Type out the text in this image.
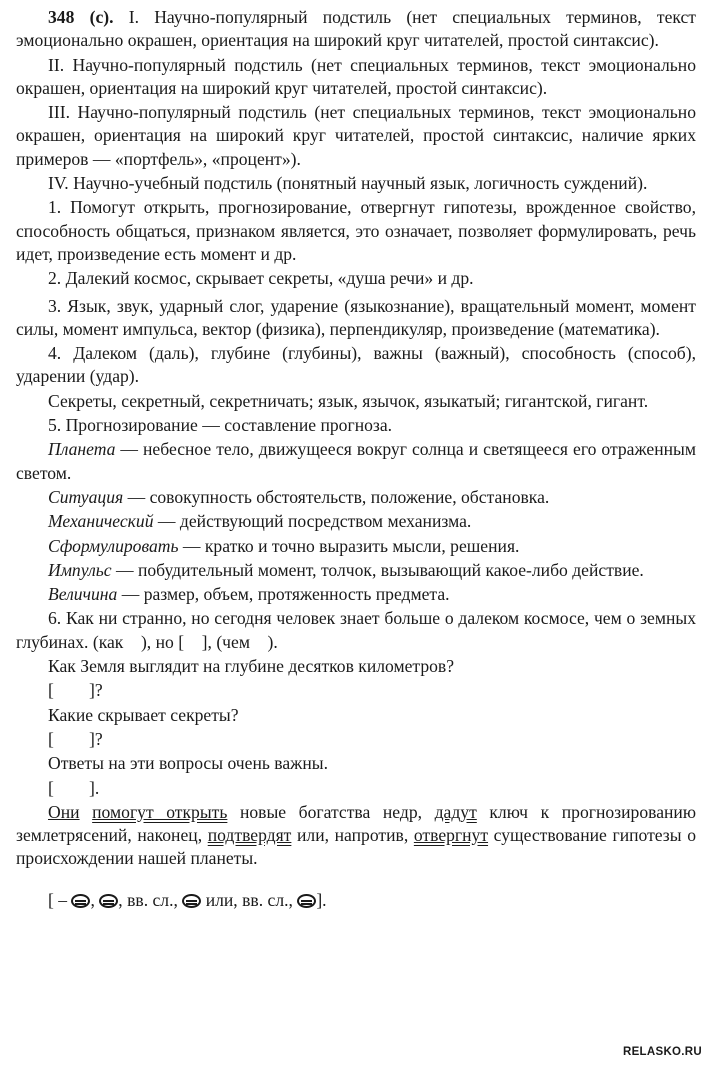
348 (с). I. Научно-популярный подстиль (нет специальных терминов, текст эмоционально окрашен, ориентация на широкий круг читателей, простой синтаксис).

II. Научно-популярный подстиль (нет специальных терминов, текст эмоционально окрашен, ориентация на широкий круг читателей, простой синтаксис).

III. Научно-популярный подстиль (нет специальных терминов, текст эмоционально окрашен, ориентация на широкий круг читателей, простой синтаксис, наличие ярких примеров — «портфель», «процент»).

IV. Научно-учебный подстиль (понятный научный язык, логичность суждений).

1. Помогут открыть, прогнозирование, отвергнут гипотезы, врожденное свойство, способность общаться, признаком является, это означает, позволяет формулировать, речь идет, произведение есть момент и др.

2. Далекий космос, скрывает секреты, «душа речи» и др.

3. Язык, звук, ударный слог, ударение (языкознание), вращательный момент, момент силы, момент импульса, вектор (физика), перпендикуляр, произведение (математика).

4. Далеком (даль), глубине (глубины), важны (важный), способность (способ), ударении (удар).

Секреты, секретный, секретничать; язык, язычок, языкатый; гигантской, гигант.

5. Прогнозирование — составление прогноза.

Планета — небесное тело, движущееся вокруг солнца и светящееся его отраженным светом.

Ситуация — совокупность обстоятельств, положение, обстановка.

Механический — действующий посредством механизма.

Сформулировать — кратко и точно выразить мысли, решения.

Импульс — побудительный момент, толчок, вызывающий какое-либо действие.

Величина — размер, объем, протяженность предмета.

6. Как ни странно, но сегодня человек знает больше о далеком космосе, чем о земных глубинах. (как    ), но [    ], (чем    ).

Как Земля выглядит на глубине десятков километров?

[        ]?

Какие скрывает секреты?

[        ]?

Ответы на эти вопросы очень важны.

[        ].

Они помогут открыть новые богатства недр, дадут ключ к прогнозированию землетрясений, наконец, подтвердят или, напротив, отвергнут существование гипотезы о происхождении нашей планеты.

[ – , , вв. сл., или, вв. сл., ].

RELASKO.RU
